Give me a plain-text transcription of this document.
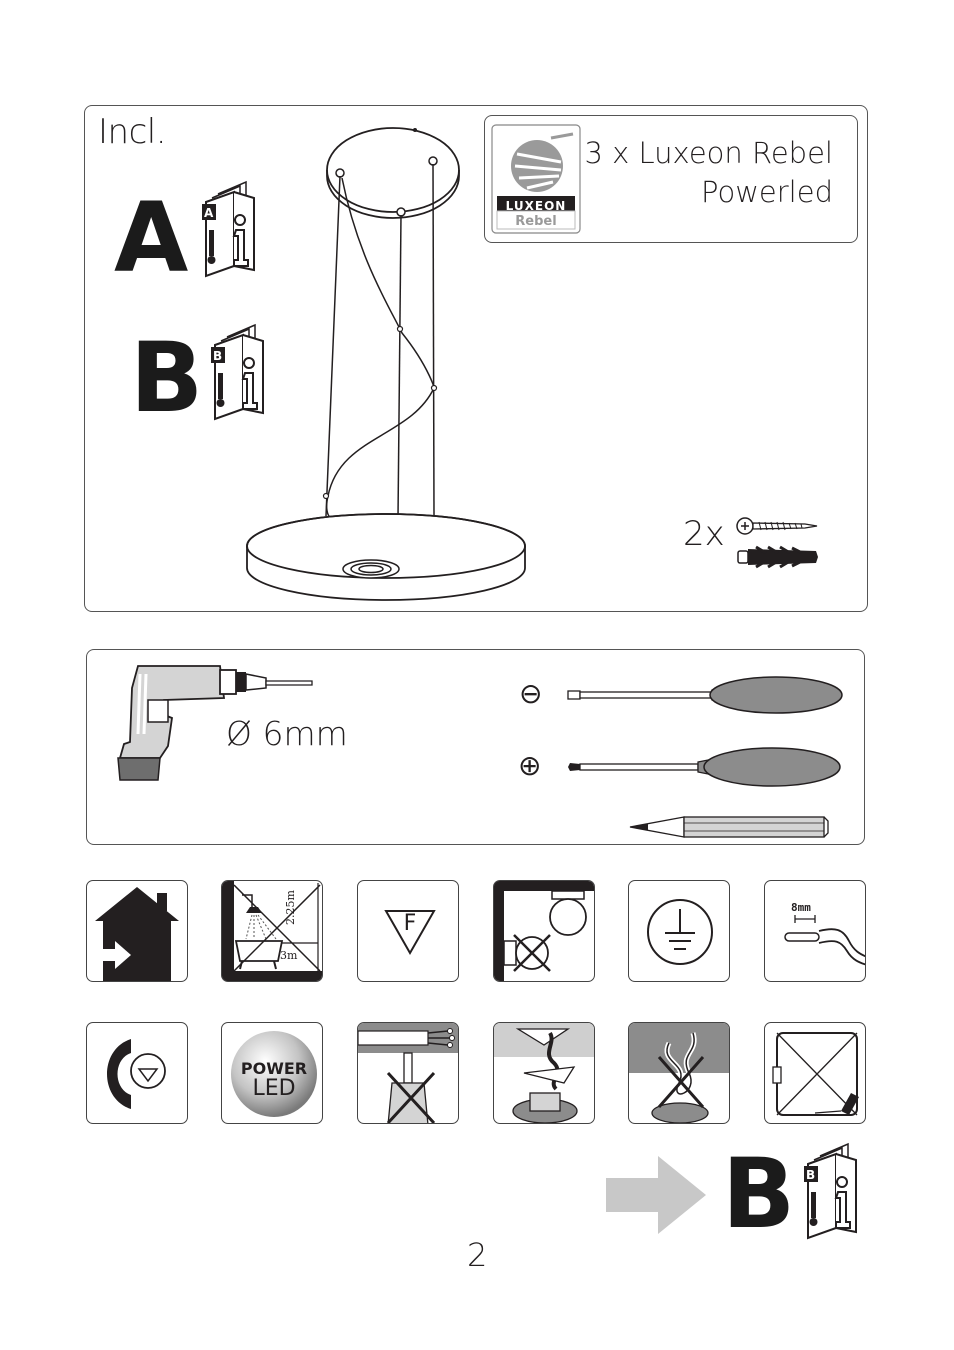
Incl.
A A
B B
LUXEON
Rebel
3 x Luxeon Rebel
Powerled
2x
Ø 6mm
⊖
⊕
2.25m
3m
F
8mm
POWER
LED
B B
2
